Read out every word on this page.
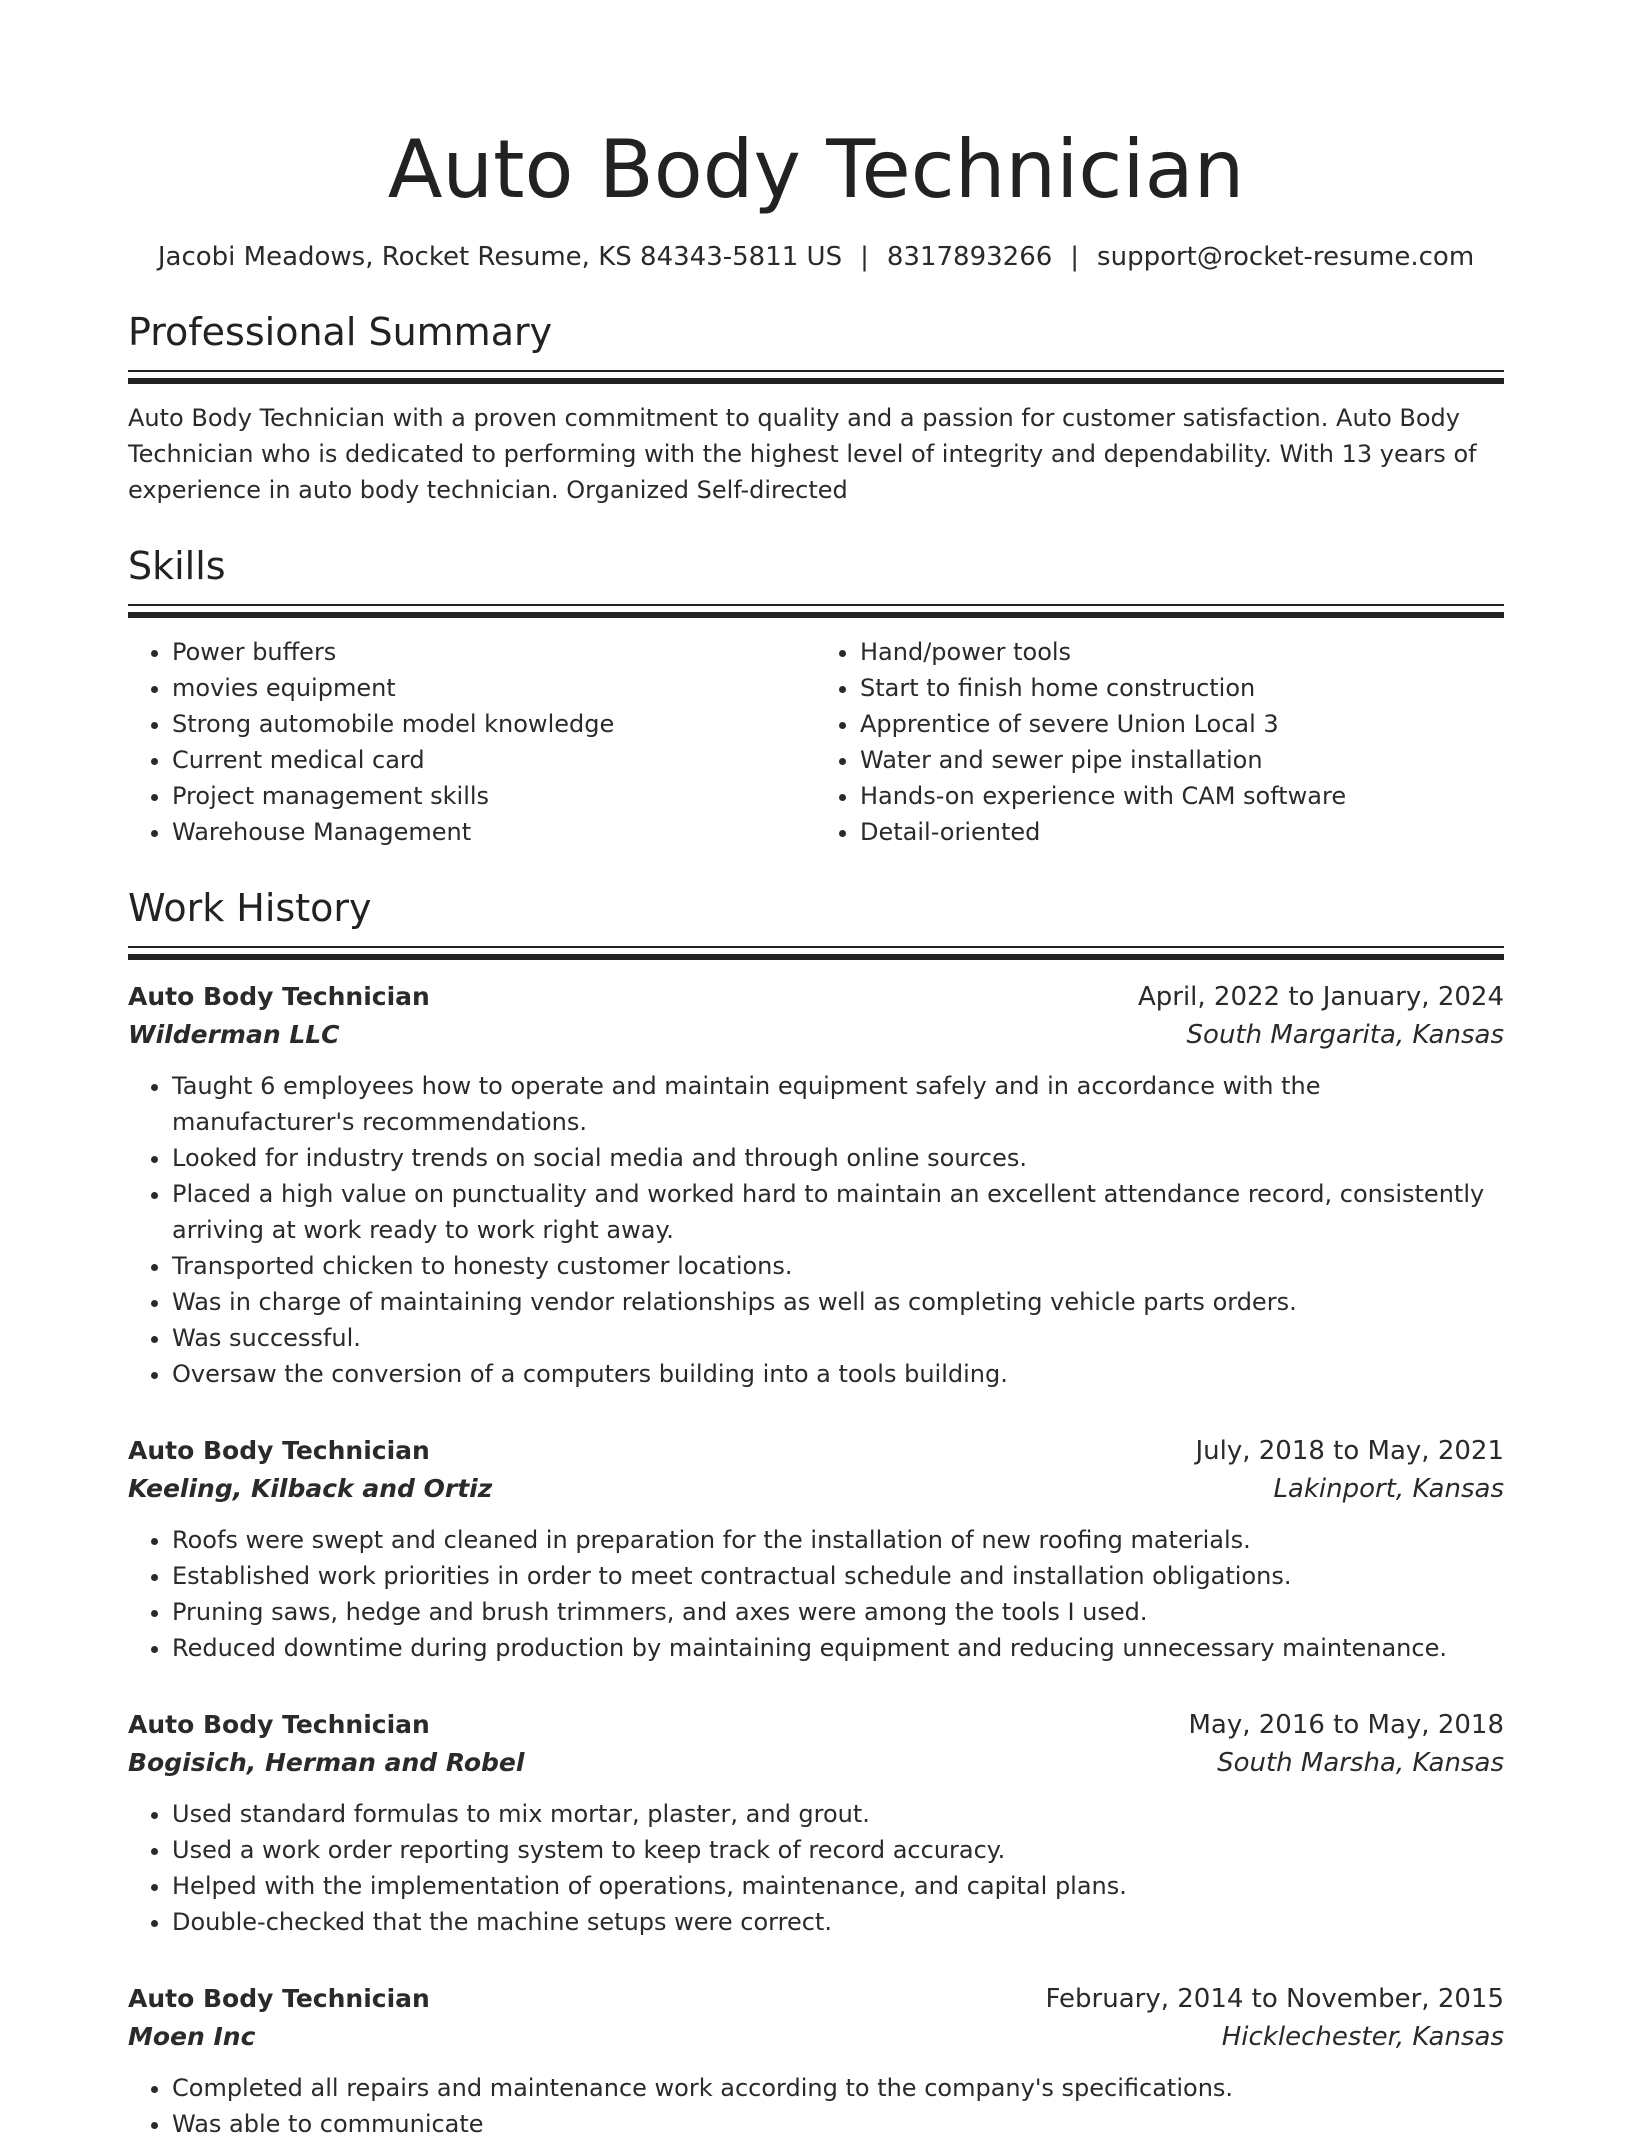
Auto Body Technician
Jacobi Meadows, Rocket Resume, KS 84343-5811 US | 8317893266 | support@rocket-resume.com
Professional Summary
Auto Body Technician with a proven commitment to quality and a passion for customer satisfaction. Auto Body Technician who is dedicated to performing with the highest level of integrity and dependability. With 13 years of experience in auto body technician. Organized Self-directed
Skills
• Power buffers
• movies equipment
• Strong automobile model knowledge
• Current medical card
• Project management skills
• Warehouse Management
• Hand/power tools
• Start to finish home construction
• Apprentice of severe Union Local 3
• Water and sewer pipe installation
• Hands-on experience with CAM software
• Detail-oriented
Work History
Auto Body Technician	April, 2022 to January, 2024
Wilderman LLC	South Margarita, Kansas
• Taught 6 employees how to operate and maintain equipment safely and in accordance with the manufacturer's recommendations.
• Looked for industry trends on social media and through online sources.
• Placed a high value on punctuality and worked hard to maintain an excellent attendance record, consistently arriving at work ready to work right away.
• Transported chicken to honesty customer locations.
• Was in charge of maintaining vendor relationships as well as completing vehicle parts orders.
• Was successful.
• Oversaw the conversion of a computers building into a tools building.
Auto Body Technician	July, 2018 to May, 2021
Keeling, Kilback and Ortiz	Lakinport, Kansas
• Roofs were swept and cleaned in preparation for the installation of new roofing materials.
• Established work priorities in order to meet contractual schedule and installation obligations.
• Pruning saws, hedge and brush trimmers, and axes were among the tools I used.
• Reduced downtime during production by maintaining equipment and reducing unnecessary maintenance.
Auto Body Technician	May, 2016 to May, 2018
Bogisich, Herman and Robel	South Marsha, Kansas
• Used standard formulas to mix mortar, plaster, and grout.
• Used a work order reporting system to keep track of record accuracy.
• Helped with the implementation of operations, maintenance, and capital plans.
• Double-checked that the machine setups were correct.
Auto Body Technician	February, 2014 to November, 2015
Moen Inc	Hicklechester, Kansas
• Completed all repairs and maintenance work according to the company's specifications.
• Was able to communicate
